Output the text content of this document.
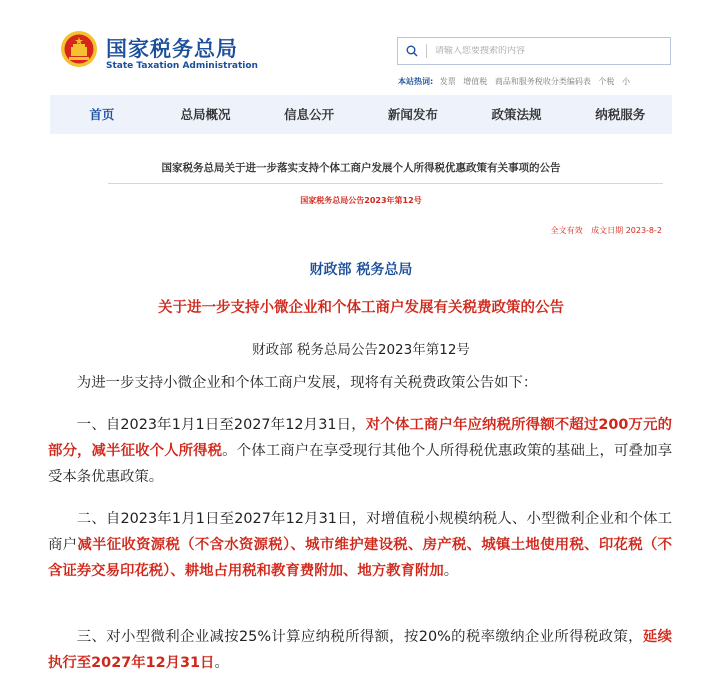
国家税务总局
State Taxation Administration
请输入您要搜索的内容
本站热词: 发票 增值税 商品和服务税收分类编码表 个税 小
首页	总局概况	信息公开	新闻发布	政策法规	纳税服务
国家税务总局关于进一步落实支持个体工商户发展个人所得税优惠政策有关事项的公告
国家税务总局公告2023年第12号
全文有效 成文日期 2023-8-2
财政部 税务总局
关于进一步支持小微企业和个体工商户发展有关税费政策的公告
财政部 税务总局公告2023年第12号
为进一步支持小微企业和个体工商户发展，现将有关税费政策公告如下：
一、自2023年1月1日至2027年12月31日，对个体工商户年应纳税所得额不超过200万元的部分，减半征收个人所得税。个体工商户在享受现行其他个人所得税优惠政策的基础上，可叠加享受本条优惠政策。
二、自2023年1月1日至2027年12月31日，对增值税小规模纳税人、小型微利企业和个体工商户减半征收资源税（不含水资源税）、城市维护建设税、房产税、城镇土地使用税、印花税（不含证券交易印花税）、耕地占用税和教育费附加、地方教育附加。
三、对小型微利企业减按25%计算应纳税所得额，按20%的税率缴纳企业所得税政策，延续执行至2027年12月31日。
